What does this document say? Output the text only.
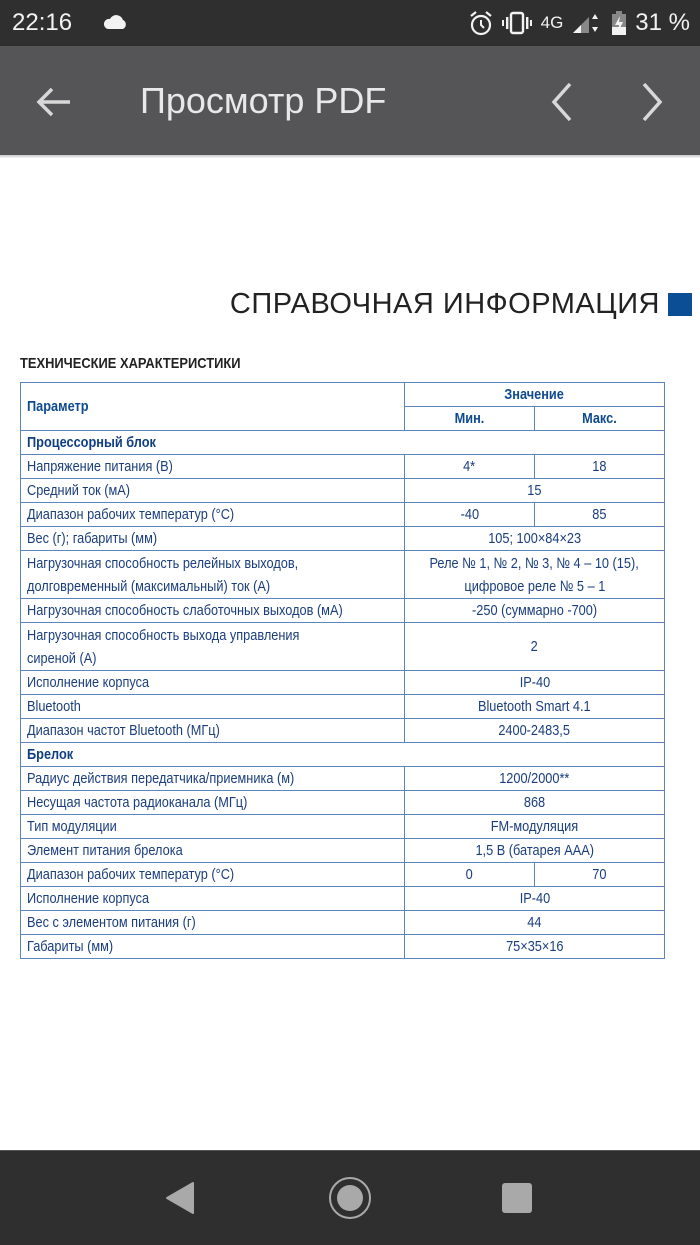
22:16	4G	31 %
Просмотр PDF
СПРАВОЧНАЯ ИНФОРМАЦИЯ
ТЕХНИЧЕСКИЕ ХАРАКТЕРИСТИКИ
Параметр	Значение	
	Мин.	Макс.
Процессорный блок		
Напряжение питания (В)	4*	18
Средний ток (мА)	15	
Диапазон рабочих температур (°С)	-40	85
Вес (г); габариты (мм)	105; 100×84×23	
Нагрузочная способность релейных выходов,
долговременный (максимальный) ток (А)	Реле № 1, № 2, № 3, № 4 – 10 (15),
цифровое реле № 5 – 1	
Нагрузочная способность слаботочных выходов (мА)	-250 (суммарно -700)	
Нагрузочная способность выхода управления
сиреной (А)	2	
Исполнение корпуса	IP-40	
Bluetooth	Bluetooth Smart 4.1	
Диапазон частот Bluetooth (МГц)	2400-2483,5	
Брелок		
Радиус действия передатчика/приемника (м)	1200/2000**	
Несущая частота радиоканала (МГц)	868	
Тип модуляции	FM-модуляция	
Элемент питания брелока	1,5 В (батарея ААА)	
Диапазон рабочих температур (°С)	0	70
Исполнение корпуса	IP-40	
Вес с элементом питания (г)	44	
Габариты (мм)	75×35×16	
